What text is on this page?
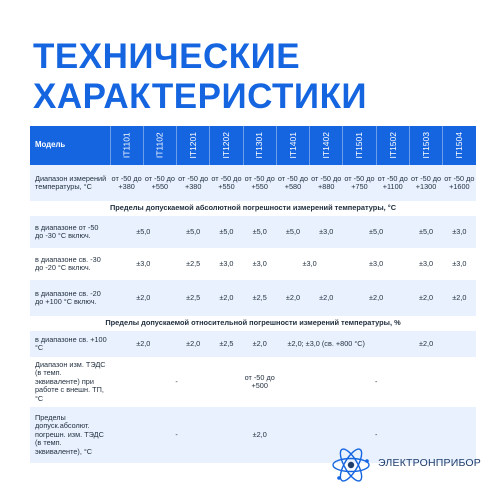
ТЕХНИЧЕСКИЕ
ХАРАКТЕРИСТИКИ
Модель	IT1101	IT1102	IT1201	IT1202	IT1301	IT1401	IT1402	IT1501	IT1502	IT1503	IT1504
Диапазон измерений температуры, °С	от -50 до +380	от -50 до +550	от -50 до +380	от -50 до +550	от -50 до +550	от -50 до +580	от -50 до +880	от -50 до +750	от -50 до +1100	от -50 до +1300	от -50 до +1600
Пределы допускаемой абсолютной погрешности измерений температуры, °С											
в диапазоне от -50 до -30 °С включ.	±5,0		±5,0	±5,0	±5,0	±5,0	±3,0	±5,0		±5,0	±3,0
в диапазоне св. -30 до -20 °С включ.	±3,0		±2,5	±3,0	±3,0	±3,0		±3,0		±3,0	±3,0
в диапазоне св. -20 до +100 °С включ.	±2,0		±2,5	±2,0	±2,5	±2,0	±2,0	±2,0		±2,0	±2,0
Пределы допускаемой относительной погрешности измерений температуры, %											
в диапазоне св. +100 °С	±2,0		±2,0	±2,5	±2,0	±2,0; ±3,0 (св. +800 °С)			±2,0		
Диапазон изм. ТЭДС (в темп. эквиваленте) при работе с внешн. ТП, °С	-				от -50 до +500	-					
Пределы допуск.абсолют. погрешн. изм. ТЭДС (в темп. эквиваленте), °С	-				±2,0	-					
ЭЛЕКТРОНПРИБОР
